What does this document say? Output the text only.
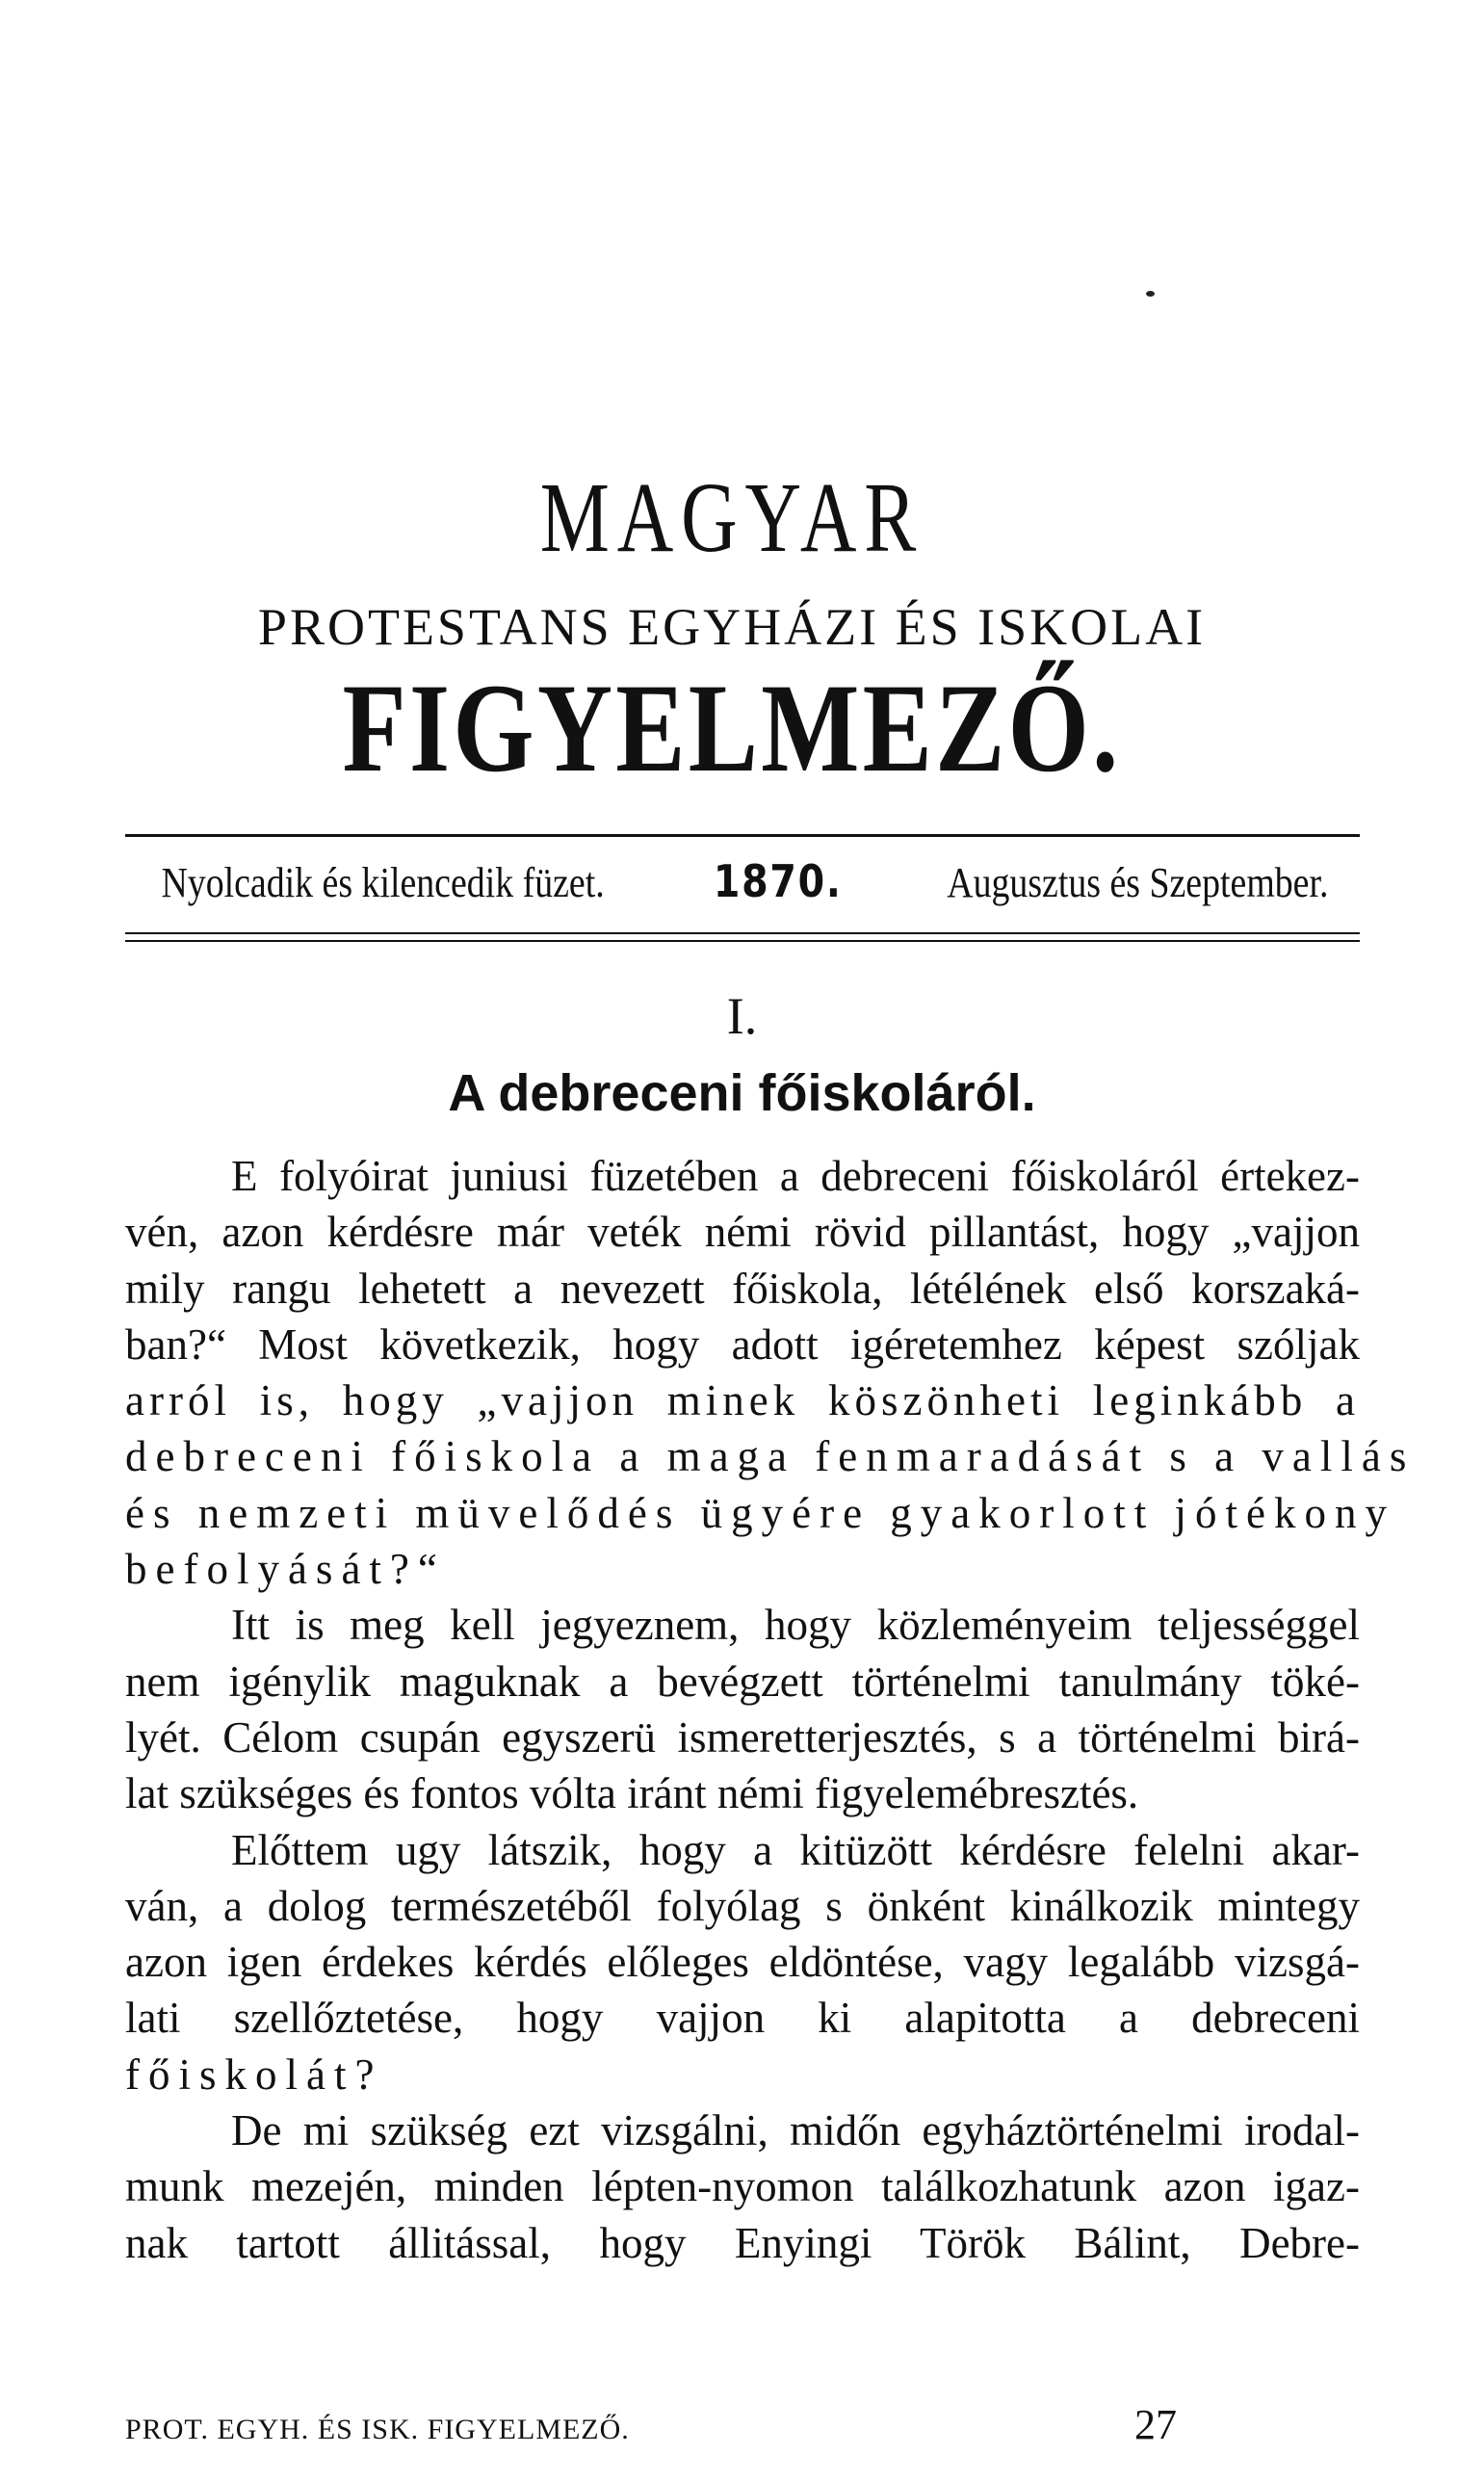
MAGYAR
PROTESTANS EGYHÁZI ÉS ISKOLAI
FIGYELMEZŐ.
Nyolcadik és kilencedik füzet. 1870. Augusztus és Szeptember.
I.
A debreceni főiskoláról.
E folyóirat juniusi füzetében a debreceni főiskoláról értekez-
vén, azon kérdésre már veték némi rövid pillantást, hogy „vajjon
mily rangu lehetett a nevezett főiskola, létélének első korszaká-
ban?“ Most következik, hogy adott igéretemhez képest szóljak
arról is, hogy „vajjon minek köszönheti leginkább a
debreceni főiskola a maga fenmaradását s a vallás
és nemzeti müvelődés ügyére gyakorlott jótékony
befolyását?“
Itt is meg kell jegyeznem, hogy közleményeim teljességgel
nem igénylik maguknak a bevégzett történelmi tanulmány töké-
lyét. Célom csupán egyszerü ismeretterjesztés, s a történelmi birá-
lat szükséges és fontos vólta iránt némi figyelemébresztés.
Előttem ugy látszik, hogy a kitüzött kérdésre felelni akar-
ván, a dolog természetéből folyólag s önként kinálkozik mintegy
azon igen érdekes kérdés előleges eldöntése, vagy legalább vizsgá-
lati szellőztetése, hogy vajjon ki alapitotta a debreceni
főiskolát?
De mi szükség ezt vizsgálni, midőn egyháztörténelmi irodal-
munk mezején, minden lépten-nyomon találkozhatunk azon igaz-
nak tartott állitással, hogy Enyingi Török Bálint, Debre-
PROT. EGYH. ÉS ISK. FIGYELMEZŐ.	27
